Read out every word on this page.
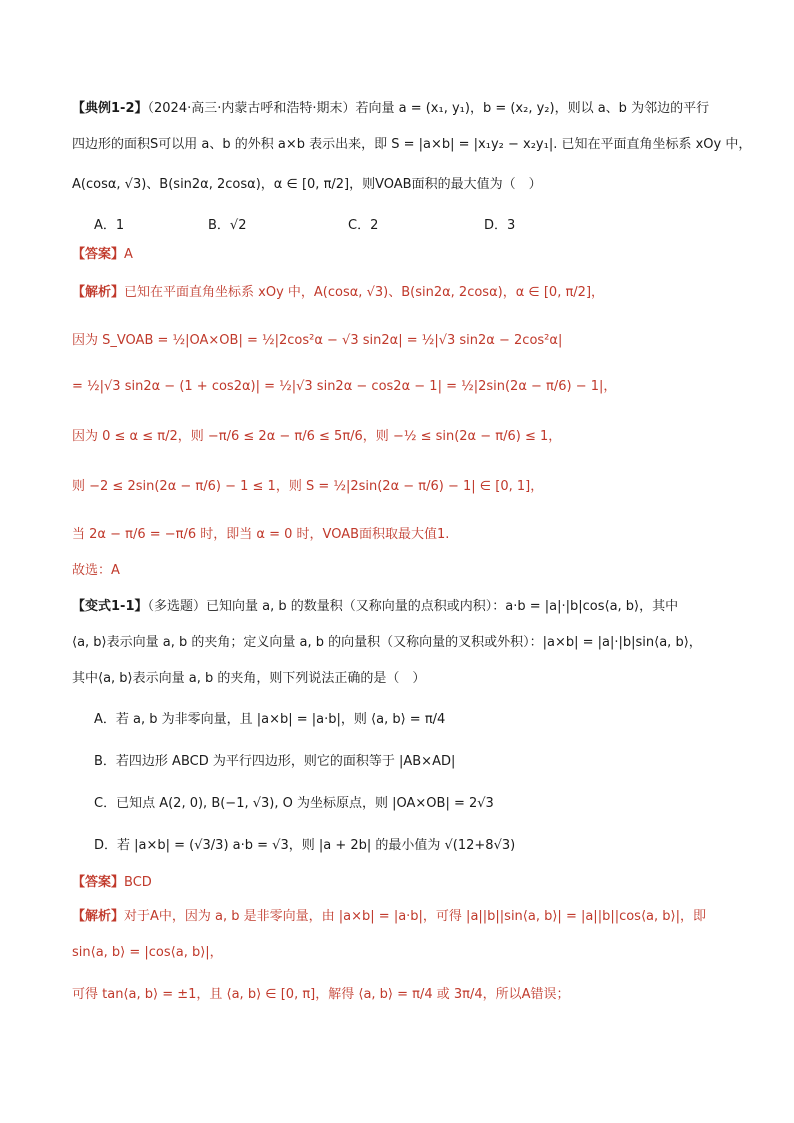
【典例1-2】（2024·高三·内蒙古呼和浩特·期末）若向量 a = (x₁, y₁)，b = (x₂, y₂)，则以 a、b 为邻边的平行
四边形的面积S可以用 a、b 的外积 a×b 表示出来，即 S = |a×b| = |x₁y₂ − x₂y₁|. 已知在平面直角坐标系 xOy 中，
A(cosα, √3)、B(sin2α, 2cosα)，α ∈ [0, π/2]，则VOAB面积的最大值为（　）
A．1	B．√2	C．2	D．3
【答案】A
【解析】已知在平面直角坐标系 xOy 中，A(cosα, √3)、B(sin2α, 2cosα)，α ∈ [0, π/2]，
因为 S_VOAB = ½|OA×OB| = ½|2cos²α − √3 sin2α| = ½|√3 sin2α − 2cos²α|
= ½|√3 sin2α − (1 + cos2α)| = ½|√3 sin2α − cos2α − 1| = ½|2sin(2α − π/6) − 1|，
因为 0 ≤ α ≤ π/2，则 −π/6 ≤ 2α − π/6 ≤ 5π/6，则 −½ ≤ sin(2α − π/6) ≤ 1，
则 −2 ≤ 2sin(2α − π/6) − 1 ≤ 1，则 S = ½|2sin(2α − π/6) − 1| ∈ [0, 1]，
当 2α − π/6 = −π/6 时，即当 α = 0 时，VOAB面积取最大值1.
故选：A
【变式1-1】（多选题）已知向量 a, b 的数量积（又称向量的点积或内积）：a·b = |a|·|b|cos⟨a, b⟩，其中
⟨a, b⟩表示向量 a, b 的夹角；定义向量 a, b 的向量积（又称向量的叉积或外积）：|a×b| = |a|·|b|sin⟨a, b⟩，
其中⟨a, b⟩表示向量 a, b 的夹角，则下列说法正确的是（　）
A．若 a, b 为非零向量，且 |a×b| = |a·b|，则 ⟨a, b⟩ = π/4
B．若四边形 ABCD 为平行四边形，则它的面积等于 |AB×AD|
C．已知点 A(2, 0), B(−1, √3), O 为坐标原点，则 |OA×OB| = 2√3
D．若 |a×b| = (√3/3) a·b = √3，则 |a + 2b| 的最小值为 √(12+8√3)
【答案】BCD
【解析】对于A中，因为 a, b 是非零向量，由 |a×b| = |a·b|，可得 |a||b||sin⟨a, b⟩| = |a||b||cos⟨a, b⟩|，即
sin⟨a, b⟩ = |cos⟨a, b⟩|，
可得 tan⟨a, b⟩ = ±1，且 ⟨a, b⟩ ∈ [0, π]，解得 ⟨a, b⟩ = π/4 或 3π/4，所以A错误；
